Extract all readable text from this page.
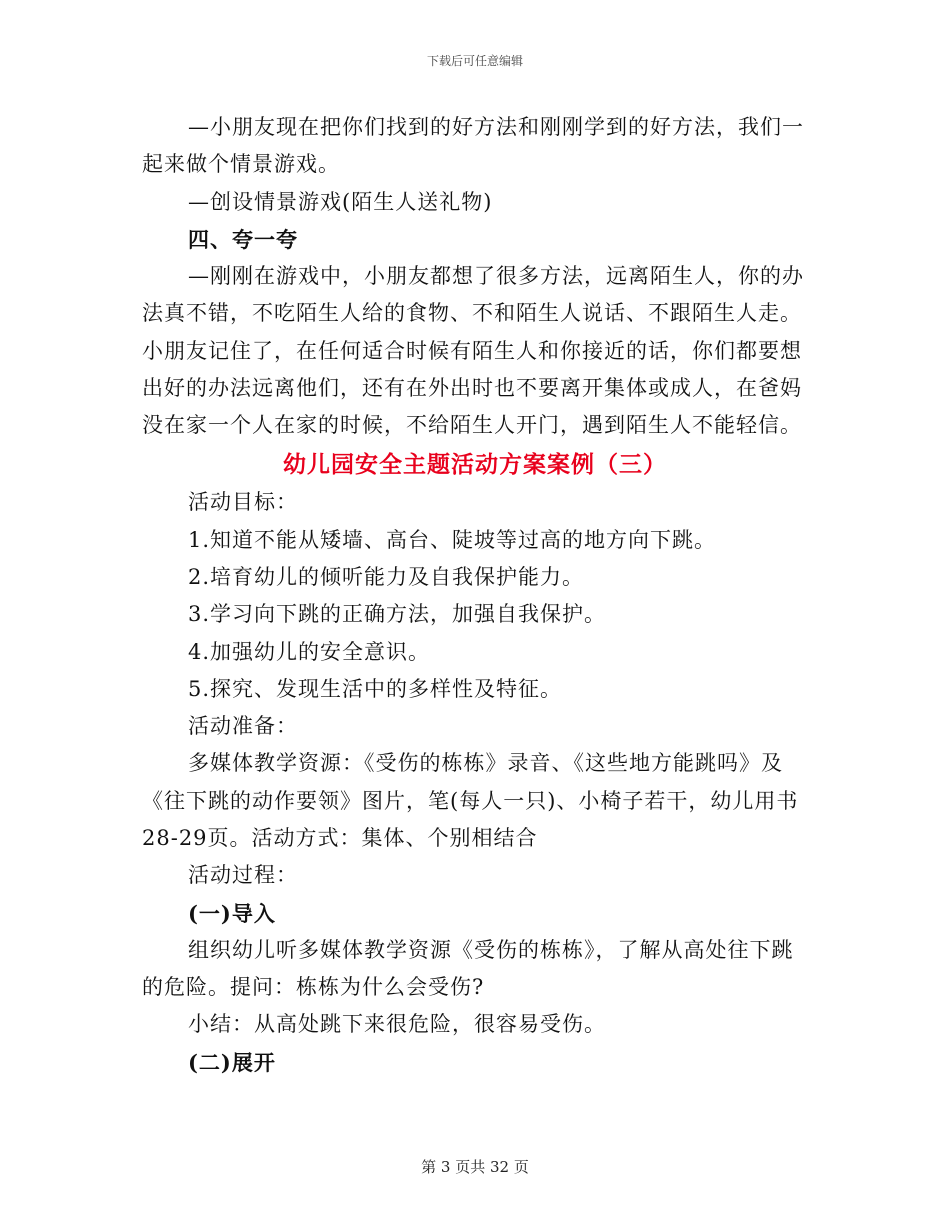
下载后可任意编辑
—小朋友现在把你们找到的好方法和刚刚学到的好方法，我们一
起来做个情景游戏。
—创设情景游戏(陌生人送礼物)
四、夸一夸
—刚刚在游戏中，小朋友都想了很多方法，远离陌生人，你的办
法真不错，不吃陌生人给的食物、不和陌生人说话、不跟陌生人走。
小朋友记住了，在任何适合时候有陌生人和你接近的话，你们都要想
出好的办法远离他们，还有在外出时也不要离开集体或成人，在爸妈
没在家一个人在家的时候，不给陌生人开门，遇到陌生人不能轻信。
幼儿园安全主题活动方案案例（三）
活动目标：
1.知道不能从矮墙、高台、陡坡等过高的地方向下跳。
2.培育幼儿的倾听能力及自我保护能力。
3.学习向下跳的正确方法，加强自我保护。
4.加强幼儿的安全意识。
5.探究、发现生活中的多样性及特征。
活动准备：
多媒体教学资源：《受伤的栋栋》录音、《这些地方能跳吗》及
《往下跳的动作要领》图片，笔(每人一只)、小椅子若干，幼儿用书
28-29页。活动方式：集体、个别相结合
活动过程：
(一)导入
组织幼儿听多媒体教学资源《受伤的栋栋》，了解从高处往下跳
的危险。提问：栋栋为什么会受伤?
小结：从高处跳下来很危险，很容易受伤。
(二)展开
第 3 页共 32 页
